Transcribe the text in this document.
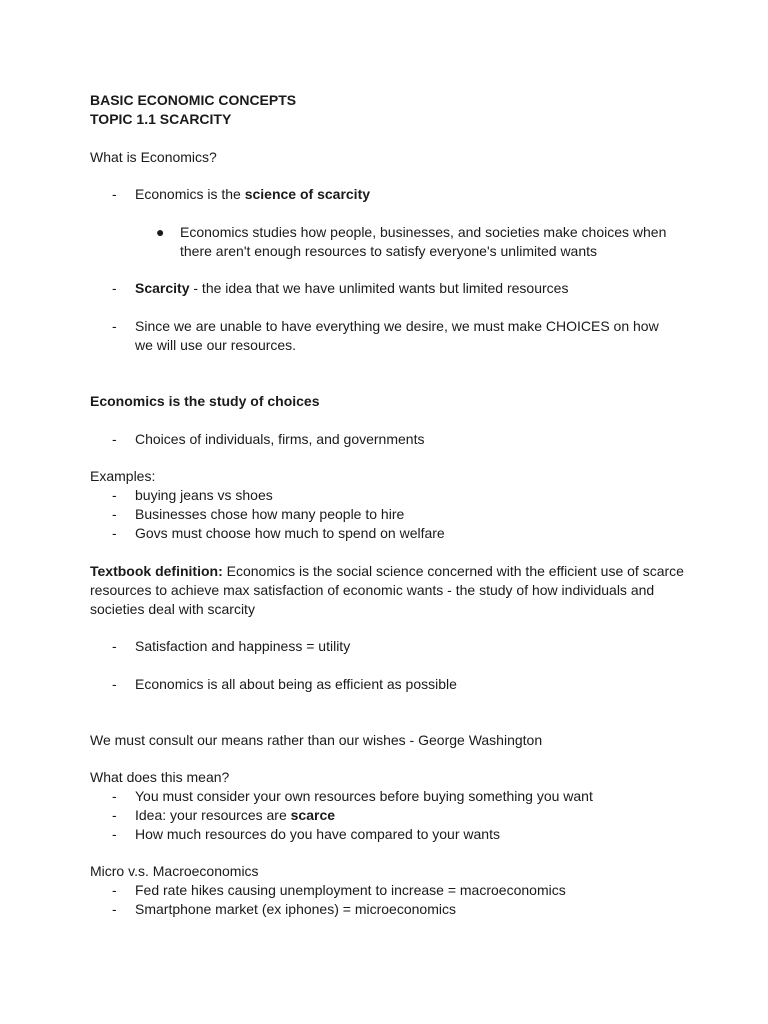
BASIC ECONOMIC CONCEPTS
TOPIC 1.1 SCARCITY
What is Economics?
-	Economics is the science of scarcity
● Economics studies how people, businesses, and societies make choices when there aren't enough resources to satisfy everyone's unlimited wants
-	Scarcity - the idea that we have unlimited wants but limited resources
-	Since we are unable to have everything we desire, we must make CHOICES on how we will use our resources.
Economics is the study of choices
-	Choices of individuals, firms, and governments
Examples:
-	buying jeans vs shoes
-	Businesses chose how many people to hire
-	Govs must choose how much to spend on welfare
Textbook definition: Economics is the social science concerned with the efficient use of scarce resources to achieve max satisfaction of economic wants - the study of how individuals and societies deal with scarcity
-	Satisfaction and happiness = utility
-	Economics is all about being as efficient as possible
We must consult our means rather than our wishes - George Washington
What does this mean?
-	You must consider your own resources before buying something you want
-	Idea: your resources are scarce
-	How much resources do you have compared to your wants
Micro v.s. Macroeconomics
-	Fed rate hikes causing unemployment to increase = macroeconomics
-	Smartphone market (ex iphones) = microeconomics
